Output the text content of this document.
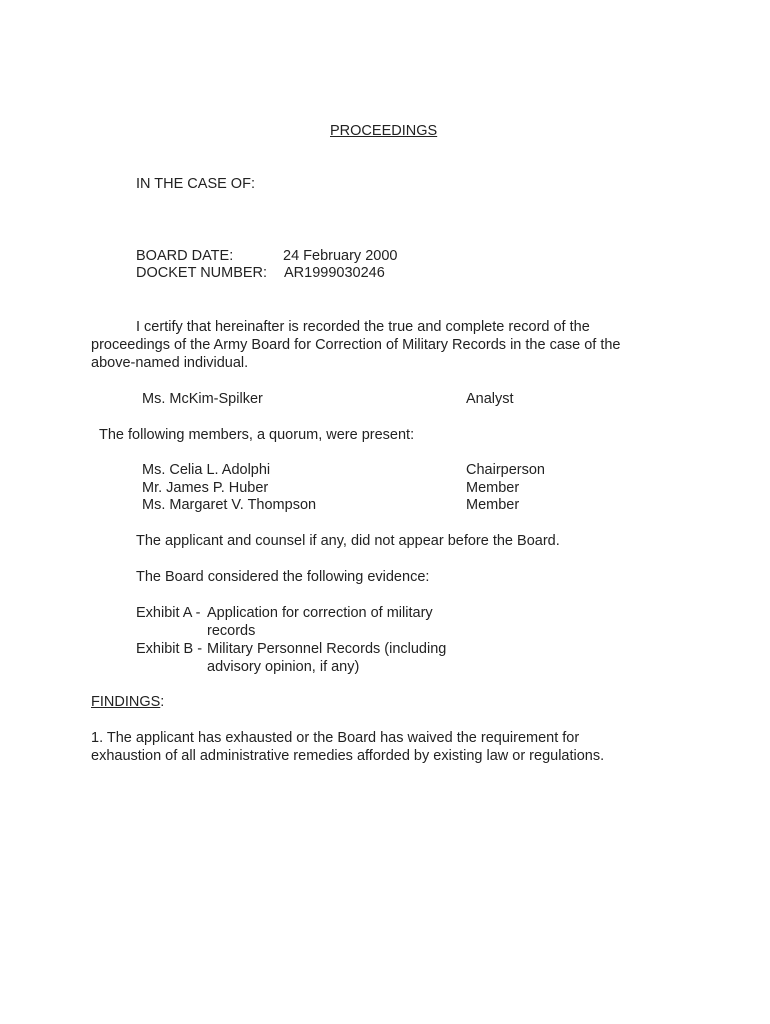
PROCEEDINGS
IN THE CASE OF:
BOARD DATE:	24 February 2000
DOCKET NUMBER: AR1999030246
I certify that hereinafter is recorded the true and complete record of the proceedings of the Army Board for Correction of Military Records in the case of the above-named individual.
Ms. McKim-Spilker	Analyst
The following members, a quorum, were present:
Ms. Celia L. Adolphi	Chairperson
Mr. James P. Huber	Member
Ms. Margaret V. Thompson	Member
The applicant and counsel if any, did not appear before the Board.
The Board considered the following evidence:
Exhibit A - Application for correction of military
records
Exhibit B - Military Personnel Records (including
advisory opinion, if any)
FINDINGS:
1. The applicant has exhausted or the Board has waived the requirement for exhaustion of all administrative remedies afforded by existing law or regulations.
